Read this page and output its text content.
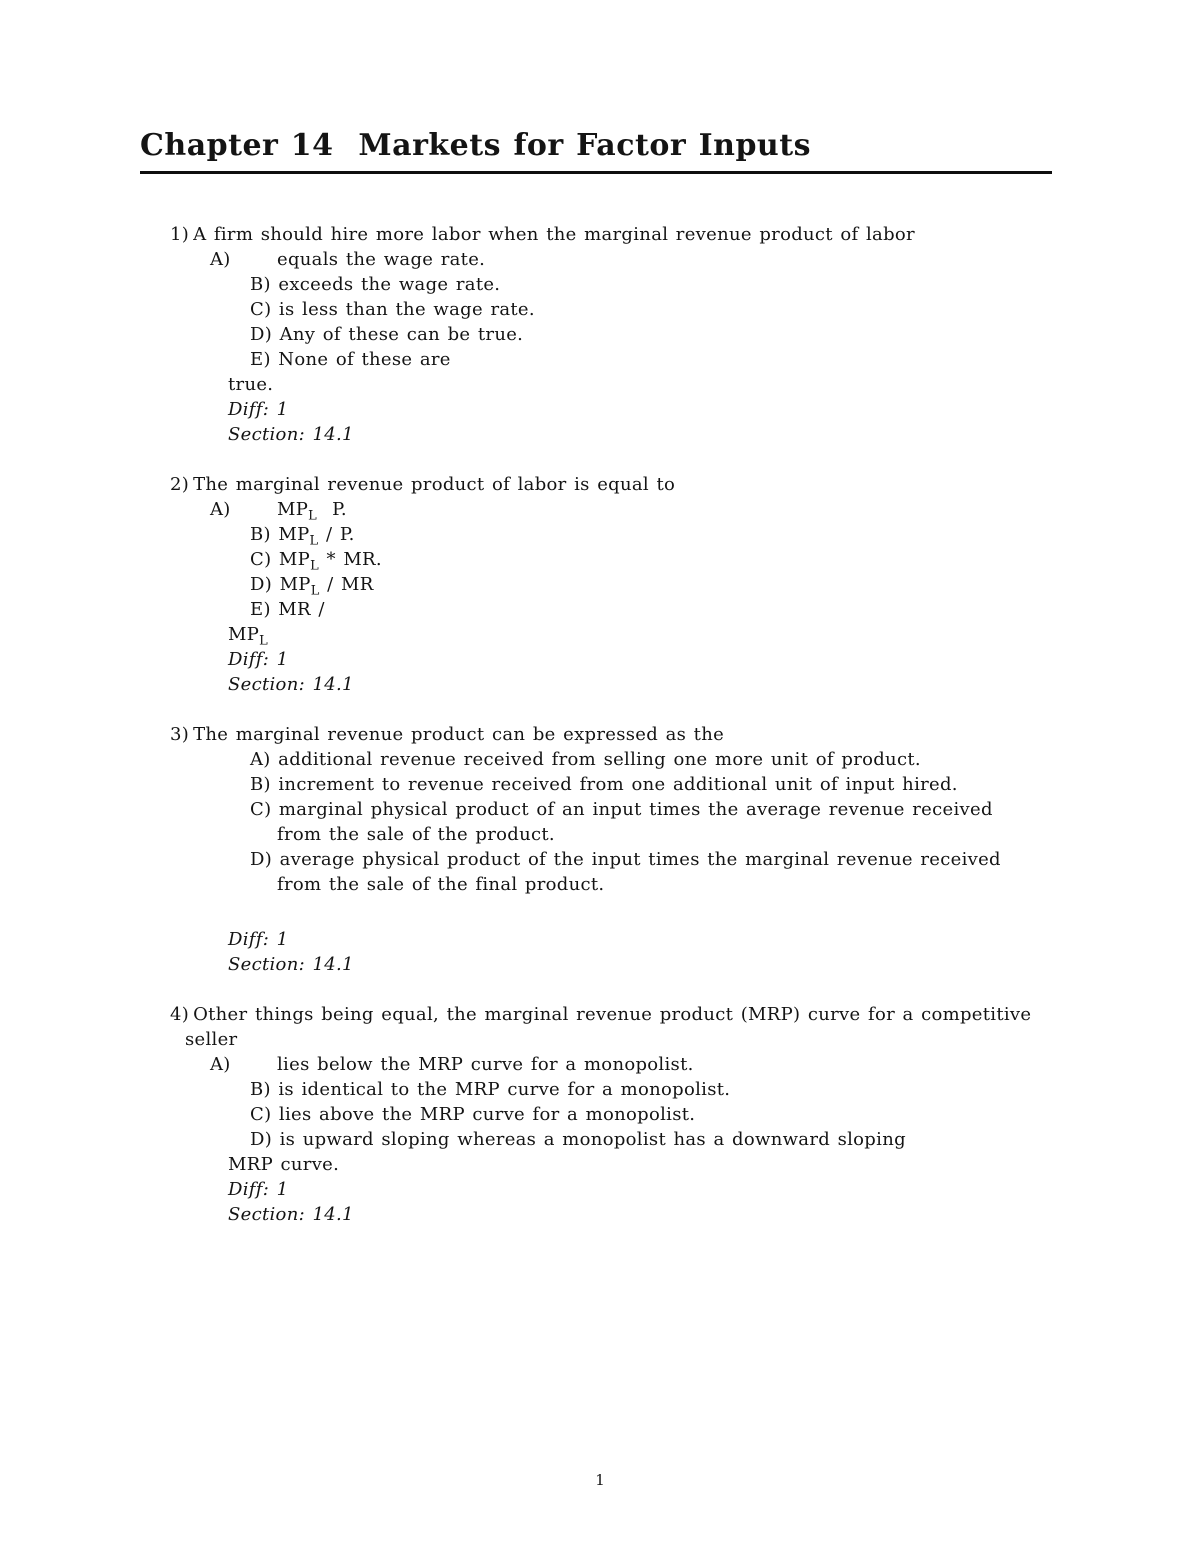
Chapter 14  Markets for Factor Inputs
1) A firm should hire more labor when the marginal revenue product of labor
A)	equals the wage rate.
B) exceeds the wage rate.
C) is less than the wage rate.
D) Any of these can be true.
E) None of these are
true.
Diff: 1
Section: 14.1
2) The marginal revenue product of labor is equal to
A)	$MP_L$  P.
B) $MP_L$ / P.
C) $MP_L$ * MR.
D) $MP_L$ / MR
E) MR /
$MP_L$
Diff: 1
Section: 14.1
3) The marginal revenue product can be expressed as the
A) additional revenue received from selling one more unit of product.
B) increment to revenue received from one additional unit of input hired.
C) marginal physical product of an input times the average revenue received from the sale of the product.
D) average physical product of the input times the marginal revenue received from the sale of the final product.
Diff: 1
Section: 14.1
4) Other things being equal, the marginal revenue product (MRP) curve for a competitive seller
A)	lies below the MRP curve for a monopolist.
B) is identical to the MRP curve for a monopolist.
C) lies above the MRP curve for a monopolist.
D) is upward sloping whereas a monopolist has a downward sloping
MRP curve.
Diff: 1
Section: 14.1
1
